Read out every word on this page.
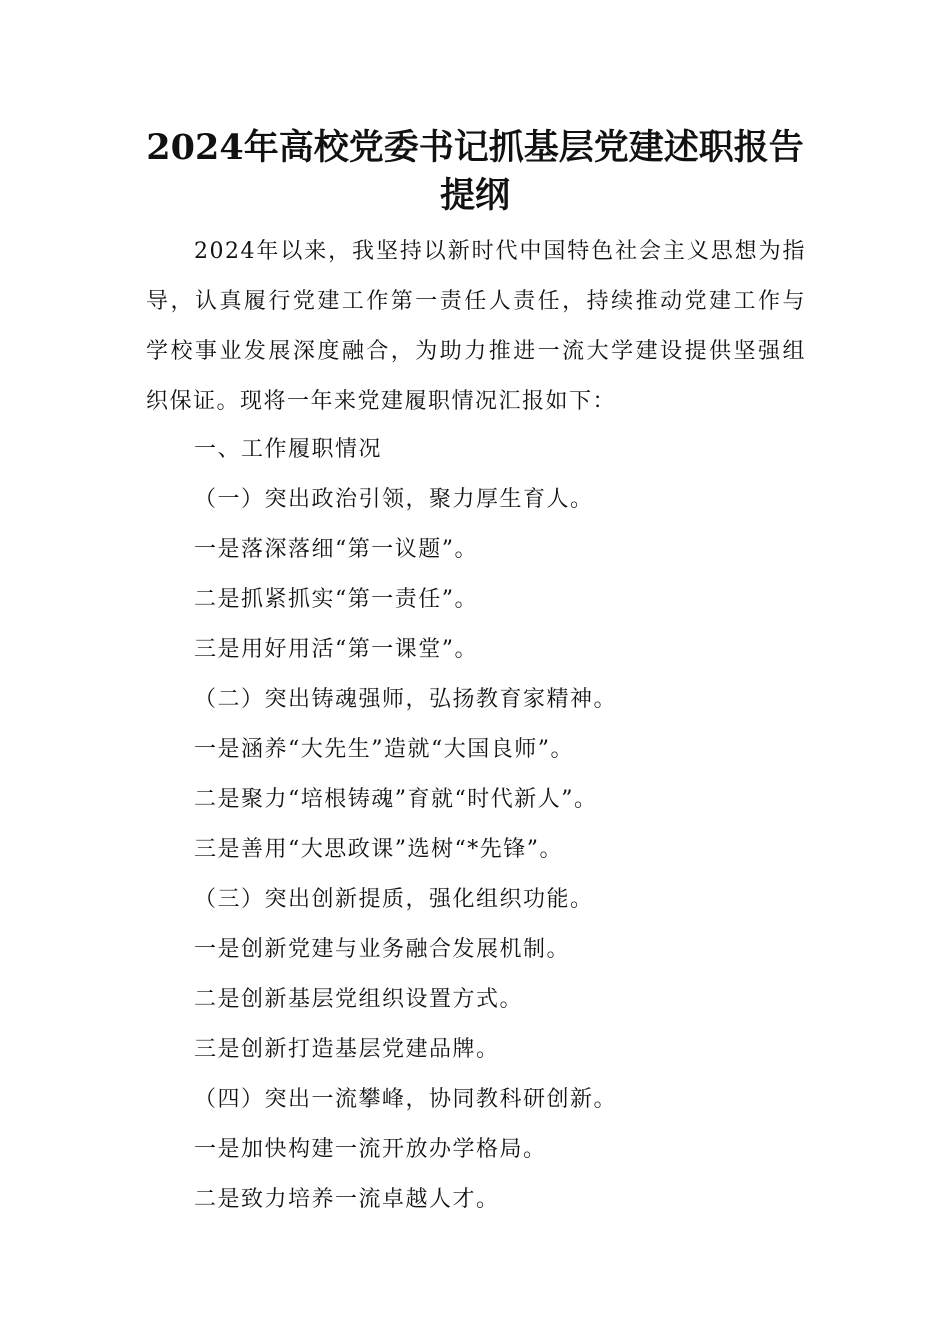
2024年高校党委书记抓基层党建述职报告
提纲
2024年以来，我坚持以新时代中国特色社会主义思想为指
导，认真履行党建工作第一责任人责任，持续推动党建工作与
学校事业发展深度融合，为助力推进一流大学建设提供坚强组
织保证。现将一年来党建履职情况汇报如下：
一、工作履职情况
（一）突出政治引领，聚力厚生育人。
一是落深落细“第一议题”。
二是抓紧抓实“第一责任”。
三是用好用活“第一课堂”。
（二）突出铸魂强师，弘扬教育家精神。
一是涵养“大先生”造就“大国良师”。
二是聚力“培根铸魂”育就“时代新人”。
三是善用“大思政课”选树“*先锋”。
（三）突出创新提质，强化组织功能。
一是创新党建与业务融合发展机制。
二是创新基层党组织设置方式。
三是创新打造基层党建品牌。
（四）突出一流攀峰，协同教科研创新。
一是加快构建一流开放办学格局。
二是致力培养一流卓越人才。
